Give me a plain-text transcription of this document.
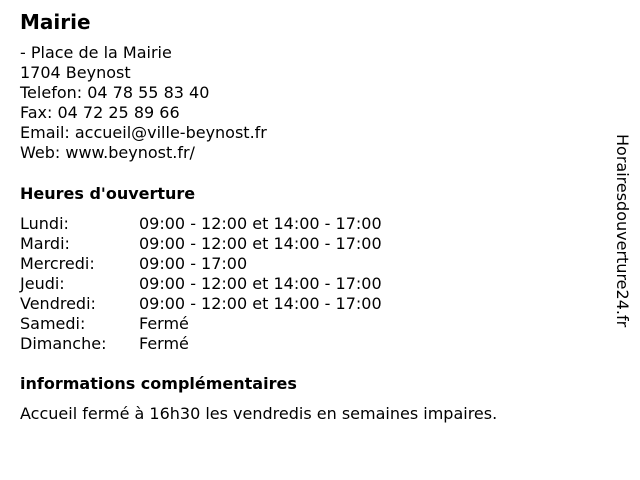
Mairie
- Place de la Mairie
1704 Beynost
Telefon: 04 78 55 83 40
Fax: 04 72 25 89 66
Email: accueil@ville-beynost.fr
Web: www.beynost.fr/
Heures d'ouverture
Lundi:	09:00 - 12:00 et 14:00 - 17:00
Mardi:	09:00 - 12:00 et 14:00 - 17:00
Mercredi:	09:00 - 17:00
Jeudi:	09:00 - 12:00 et 14:00 - 17:00
Vendredi:	09:00 - 12:00 et 14:00 - 17:00
Samedi:	Fermé
Dimanche: Fermé
informations complémentaires
Accueil fermé à 16h30 les vendredis en semaines impaires.
Horairesdouverture24.fr
